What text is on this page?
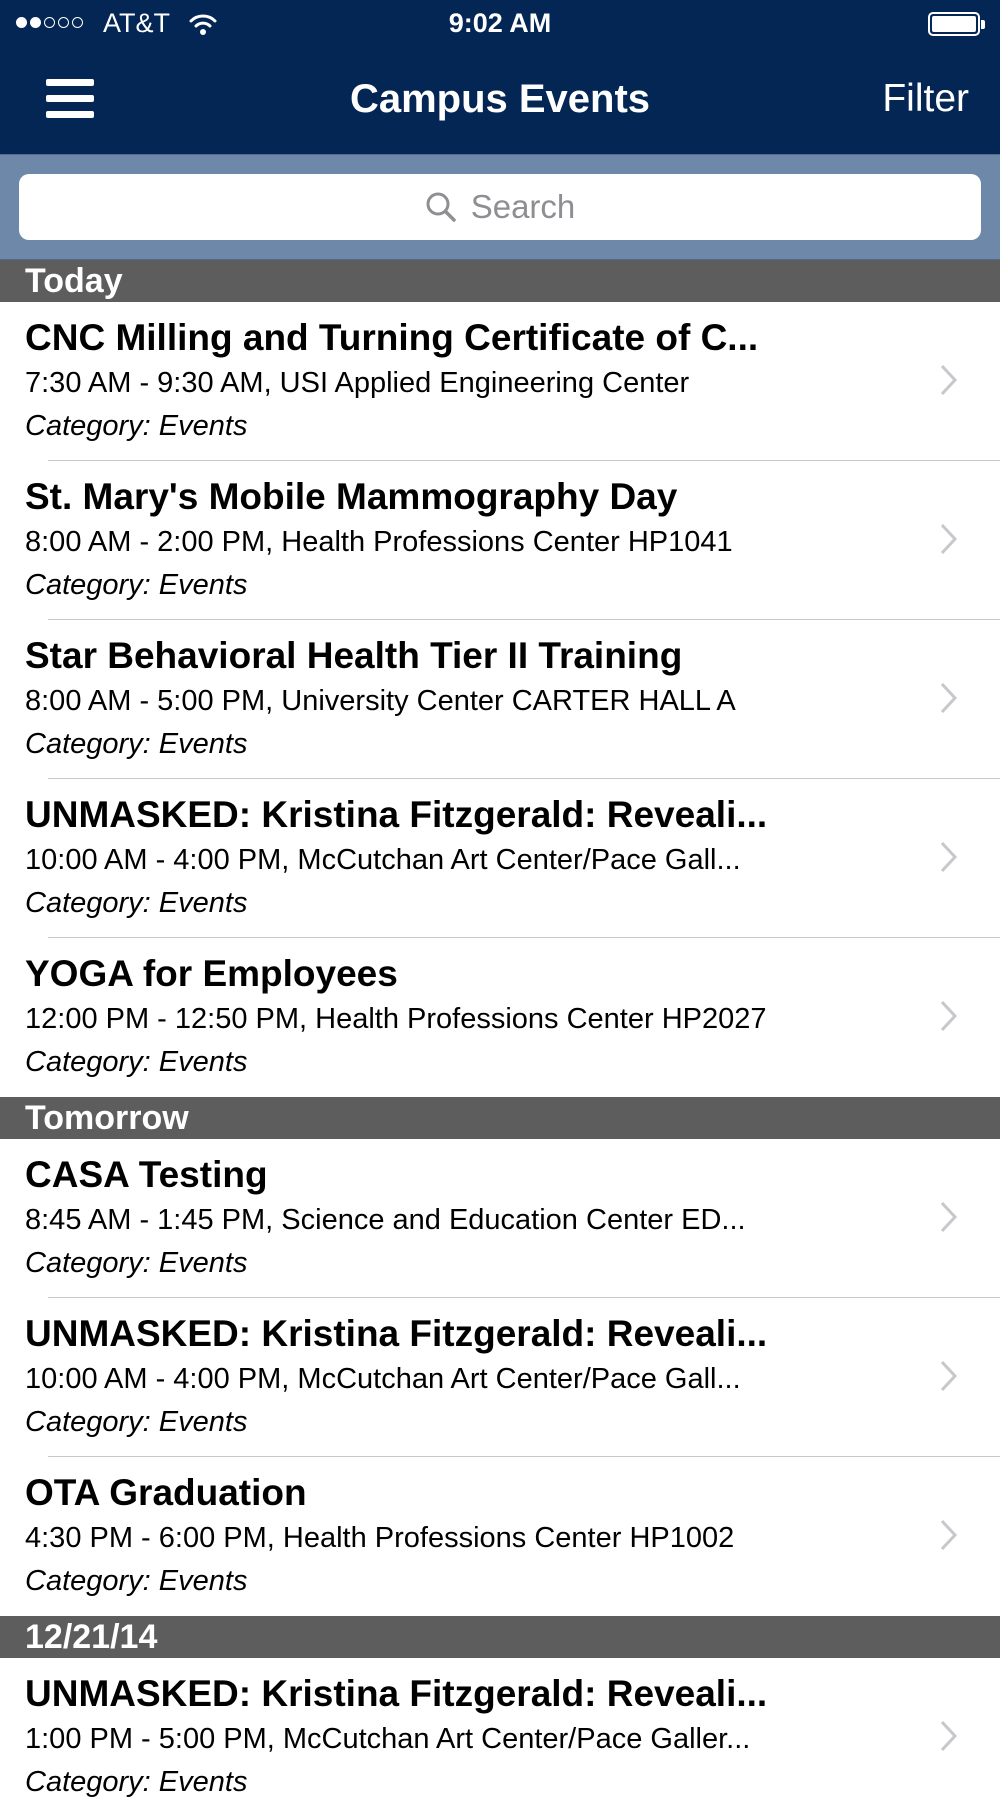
AT&T	9:02 AM
Campus Events	Filter
Search
Today
CNC Milling and Turning Certificate of C...
7:30 AM - 9:30 AM, USI Applied Engineering Center
Category: Events
St. Mary's Mobile Mammography Day
8:00 AM - 2:00 PM, Health Professions Center HP1041
Category: Events
Star Behavioral Health Tier II Training
8:00 AM - 5:00 PM, University Center CARTER HALL A
Category: Events
UNMASKED: Kristina Fitzgerald: Reveali...
10:00 AM - 4:00 PM, McCutchan Art Center/Pace Gall...
Category: Events
YOGA for Employees
12:00 PM - 12:50 PM, Health Professions Center HP2027
Category: Events
Tomorrow
CASA Testing
8:45 AM - 1:45 PM, Science and Education Center ED...
Category: Events
UNMASKED: Kristina Fitzgerald: Reveali...
10:00 AM - 4:00 PM, McCutchan Art Center/Pace Gall...
Category: Events
OTA Graduation
4:30 PM - 6:00 PM, Health Professions Center HP1002
Category: Events
12/21/14
UNMASKED: Kristina Fitzgerald: Reveali...
1:00 PM - 5:00 PM, McCutchan Art Center/Pace Galler...
Category: Events
